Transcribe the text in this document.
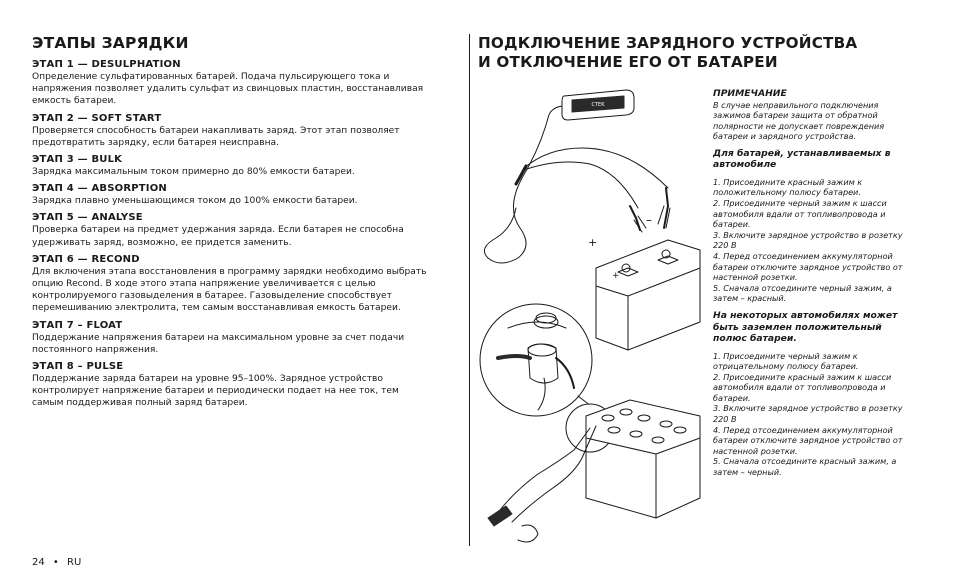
ЭТАПЫ ЗАРЯДКИ
ЭТАП 1 — DESULPHATION
Определение сульфатированных батарей. Подача пульсирующего тока и напряжения позволяет удалить сульфат из свинцовых пластин, восстанавливая емкость батареи.
ЭТАП 2 — SOFT START
Проверяется способность батареи накапливать заряд. Этот этап позволяет предотвратить зарядку, если батарея неисправна.
ЭТАП 3 — BULK
Зарядка максимальным током примерно до 80% емкости батареи.
ЭТАП 4 — ABSORPTION
Зарядка плавно уменьшающимся током до 100% емкости батареи.
ЭТАП 5 — ANALYSE
Проверка батареи на предмет удержания заряда. Если батарея не способна удерживать заряд, возможно, ее придется заменить.
ЭТАП 6 — RECOND
Для включения этапа восстановления в программу зарядки необходимо выбрать опцию Recond. В ходе этого этапа напряжение увеличивается с целью контролируемого газовыделения в батарее. Газовыделение способствует перемешиванию электролита, тем самым восстанавливая емкость батареи.
ЭТАП 7 – FLOAT
Поддержание напряжения батареи на максимальном уровне за счет подачи постоянного напряжения.
ЭТАП 8 – PULSE
Поддержание заряда батареи на уровне 95–100%. Зарядное устройство контролирует напряжение батареи и периодически подает на нее ток, тем самым поддерживая полный заряд батареи.
ПОДКЛЮЧЕНИЕ ЗАРЯДНОГО УСТРОЙСТВА И ОТКЛЮЧЕНИЕ ЕГО ОТ БАТАРЕИ
CTEK
–
+
+
ПРИМЕЧАНИЕ
В случае неправильного подключения зажимов батареи защита от обратной полярности не допускает повреждения батареи и зарядного устройства.
Для батарей, устанавливаемых в автомобиле
1. Присоедините красный зажим к положительному полюсу батареи.
2. Присоедините черный зажим к шасси автомобиля вдали от топливопровода и батареи.
3. Включите зарядное устройство в розетку 220 В
4. Перед отсоединением аккумуляторной батареи отключите зарядное устройство от настенной розетки.
5. Сначала отсоедините черный зажим, а затем – красный.
На некоторых автомобилях может быть заземлен положительный полюс батареи.
1. Присоедините черный зажим к отрицательному полюсу батареи.
2. Присоедините красный зажим к шасси автомобиля вдали от топливопровода и батареи.
3. Включите зарядное устройство в розетку 220 В
4. Перед отсоединением аккумуляторной батареи отключите зарядное устройство от настенной розетки.
5. Сначала отсоедините красный зажим, а затем – черный.
24 • RU
